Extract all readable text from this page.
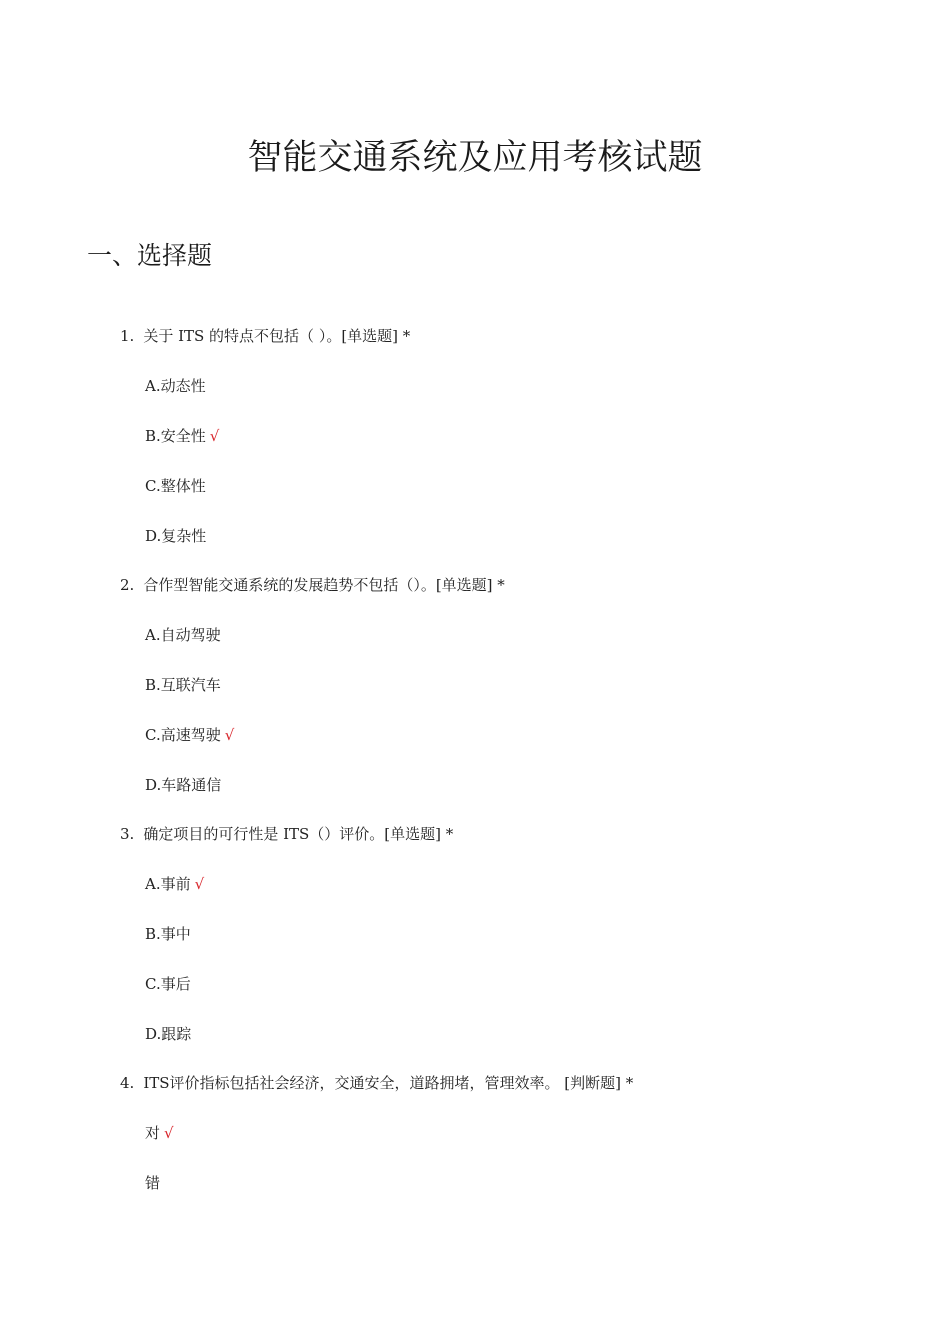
智能交通系统及应用考核试题
一、选择题
1. 关于 ITS 的特点不包括（ ）。[单选题] *
A.动态性
B.安全性 √
C.整体性
D.复杂性
2. 合作型智能交通系统的发展趋势不包括（）。[单选题] *
A.自动驾驶
B.互联汽车
C.高速驾驶 √
D.车路通信
3. 确定项目的可行性是 ITS（）评价。[单选题] *
A.事前 √
B.事中
C.事后
D.跟踪
4. ITS评价指标包括社会经济，交通安全，道路拥堵，管理效率。 [判断题] *
对 √
错
